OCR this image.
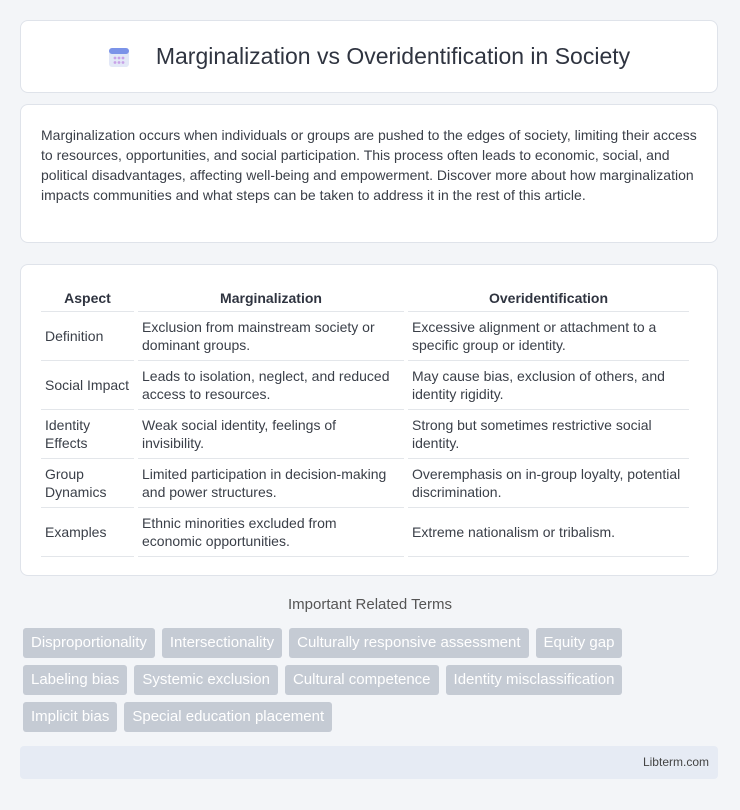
Marginalization vs Overidentification in Society

Marginalization occurs when individuals or groups are pushed to the edges of society, limiting their access to resources, opportunities, and social participation. This process often leads to economic, social, and political disadvantages, affecting well-being and empowerment. Discover more about how marginalization impacts communities and what steps can be taken to address it in the rest of this article.

Aspect	Marginalization	Overidentification
Definition	Exclusion from mainstream society or dominant groups.	Excessive alignment or attachment to a specific group or identity.
Social Impact	Leads to isolation, neglect, and reduced access to resources.	May cause bias, exclusion of others, and identity rigidity.
Identity Effects	Weak social identity, feelings of invisibility.	Strong but sometimes restrictive social identity.
Group Dynamics	Limited participation in decision-making and power structures.	Overemphasis on in-group loyalty, potential discrimination.
Examples	Ethnic minorities excluded from economic opportunities.	Extreme nationalism or tribalism.
Important Related Terms
Disproportionality	Intersectionality	Culturally responsive assessment	Equity gap
Labeling bias	Systemic exclusion	Cultural competence	Identity misclassification
Implicit bias	Special education placement
Libterm.com
